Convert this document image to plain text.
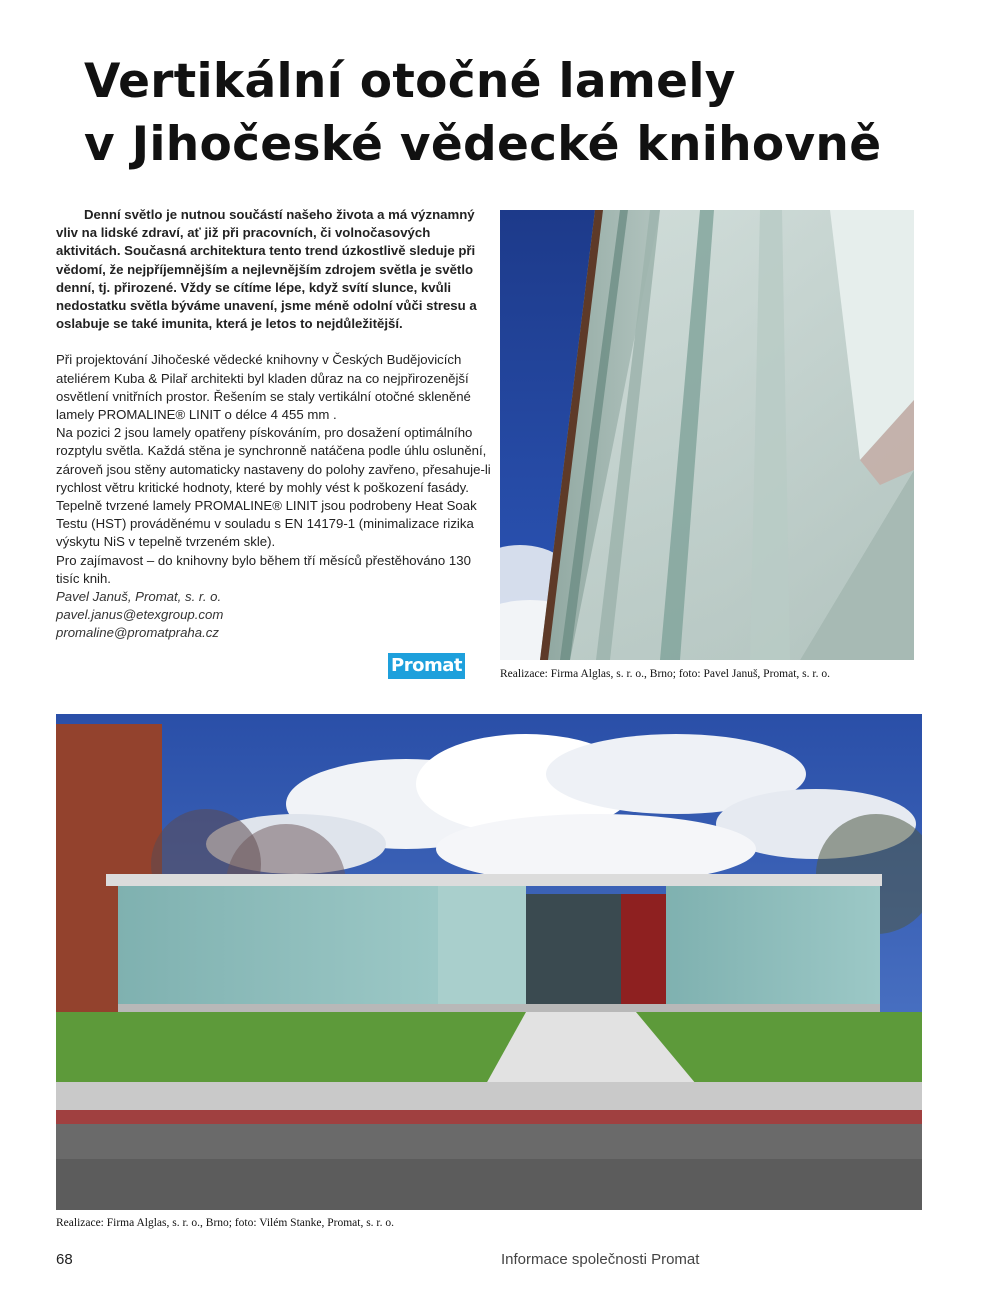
Vertikální otočné lamely
v Jihočeské vědecké knihovně

Denní světlo je nutnou součástí našeho života a má významný vliv na lidské zdraví, ať již při pracovních, či volnočasových aktivitách. Současná architektura tento trend úzkostlivě sleduje při vědomí, že nejpříjemnějším a nejlevnějším zdrojem světla je světlo denní, tj. přirozené. Vždy se cítíme lépe, když svítí slunce, kvůli nedostatku světla býváme unavení, jsme méně odolní vůči stresu a oslabuje se také imunita, která je letos to nejdůležitější.

Při projektování Jihočeské vědecké knihovny v Českých Budějovicích ateliérem Kuba & Pilař architekti byl kladen důraz na co nejpřirozenější osvětlení vnitřních prostor. Řešením se staly vertikální otočné skleněné lamely PROMALINE® LINIT o délce 4 455 mm .

Na pozici 2 jsou lamely opatřeny pískováním, pro dosažení optimálního rozptylu světla. Každá stěna je synchronně natáčena podle úhlu oslunění, zároveň jsou stěny automaticky nastaveny do polohy zavřeno, přesahuje-li rychlost větru kritické hodnoty, které by mohly vést k poškození fasády. Tepelně tvrzené lamely PROMALINE® LINIT jsou podrobeny Heat Soak Testu (HST) prováděnému v souladu s EN 14179-1 (minimalizace rizika výskytu NiS v tepelně tvrzeném skle).

Pro zajímavost – do knihovny bylo během tří měsíců přestěhováno 130 tisíc knih.

Pavel Januš, Promat, s. r. o.

pavel.janus@etexgroup.com

promaline@promatpraha.cz

Promat	Realizace: Firma Alglas, s. r. o., Brno; foto: Pavel Januš, Promat, s. r. o.
Realizace: Firma Alglas, s. r. o., Brno; foto: Vilém Stanke, Promat, s. r. o.
68	Informace společnosti Promat
